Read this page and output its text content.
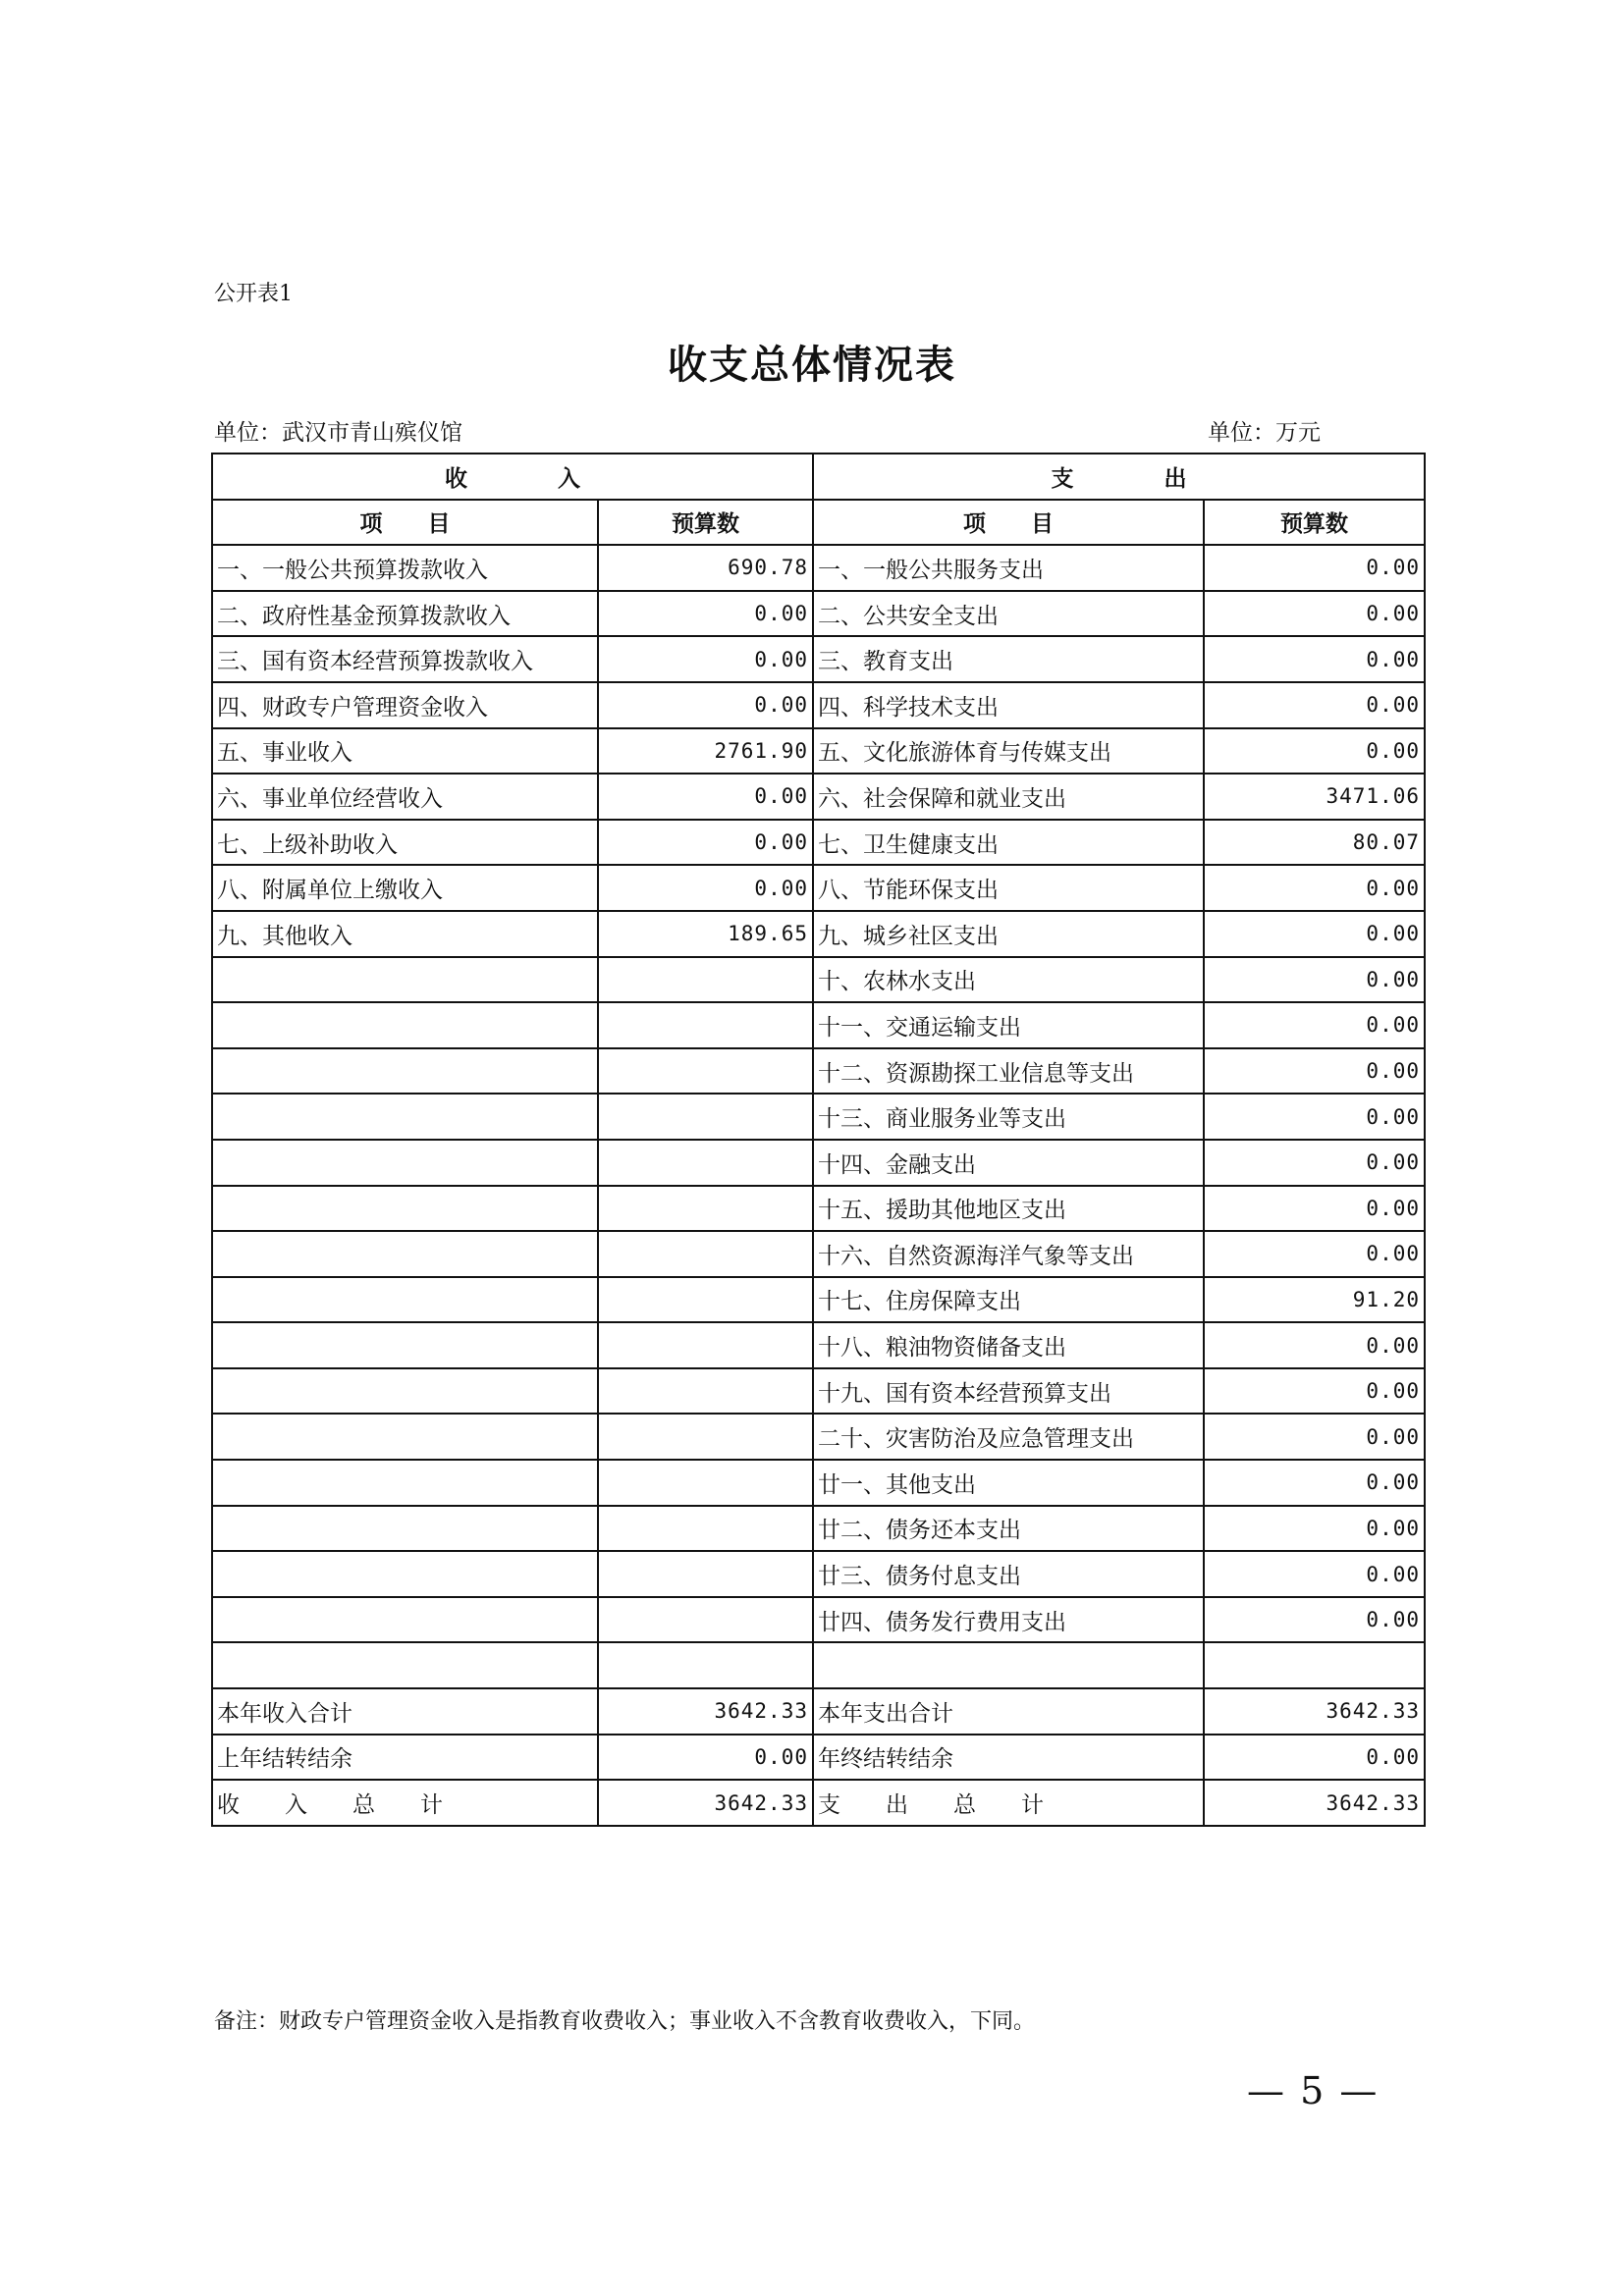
公开表1
收支总体情况表
单位：武汉市青山殡仪馆	单位：万元
收　　　　入		支　　　　出	
项　　目	预算数	项　　目	预算数
一、一般公共预算拨款收入	690.78	一、一般公共服务支出	0.00
二、政府性基金预算拨款收入	0.00	二、公共安全支出	0.00
三、国有资本经营预算拨款收入	0.00	三、教育支出	0.00
四、财政专户管理资金收入	0.00	四、科学技术支出	0.00
五、事业收入	2761.90	五、文化旅游体育与传媒支出	0.00
六、事业单位经营收入	0.00	六、社会保障和就业支出	3471.06
七、上级补助收入	0.00	七、卫生健康支出	80.07
八、附属单位上缴收入	0.00	八、节能环保支出	0.00
九、其他收入	189.65	九、城乡社区支出	0.00
		十、农林水支出	0.00
		十一、交通运输支出	0.00
		十二、资源勘探工业信息等支出	0.00
		十三、商业服务业等支出	0.00
		十四、金融支出	0.00
		十五、援助其他地区支出	0.00
		十六、自然资源海洋气象等支出	0.00
		十七、住房保障支出	91.20
		十八、粮油物资储备支出	0.00
		十九、国有资本经营预算支出	0.00
		二十、灾害防治及应急管理支出	0.00
		廿一、其他支出	0.00
		廿二、债务还本支出	0.00
		廿三、债务付息支出	0.00
		廿四、债务发行费用支出	0.00

本年收入合计	3642.33	本年支出合计	3642.33
上年结转结余	0.00	年终结转结余	0.00
收　　入　　总　　计	3642.33	支　　出　　总　　计	3642.33
备注：财政专户管理资金收入是指教育收费收入；事业收入不含教育收费收入，下同。
— 5 —
